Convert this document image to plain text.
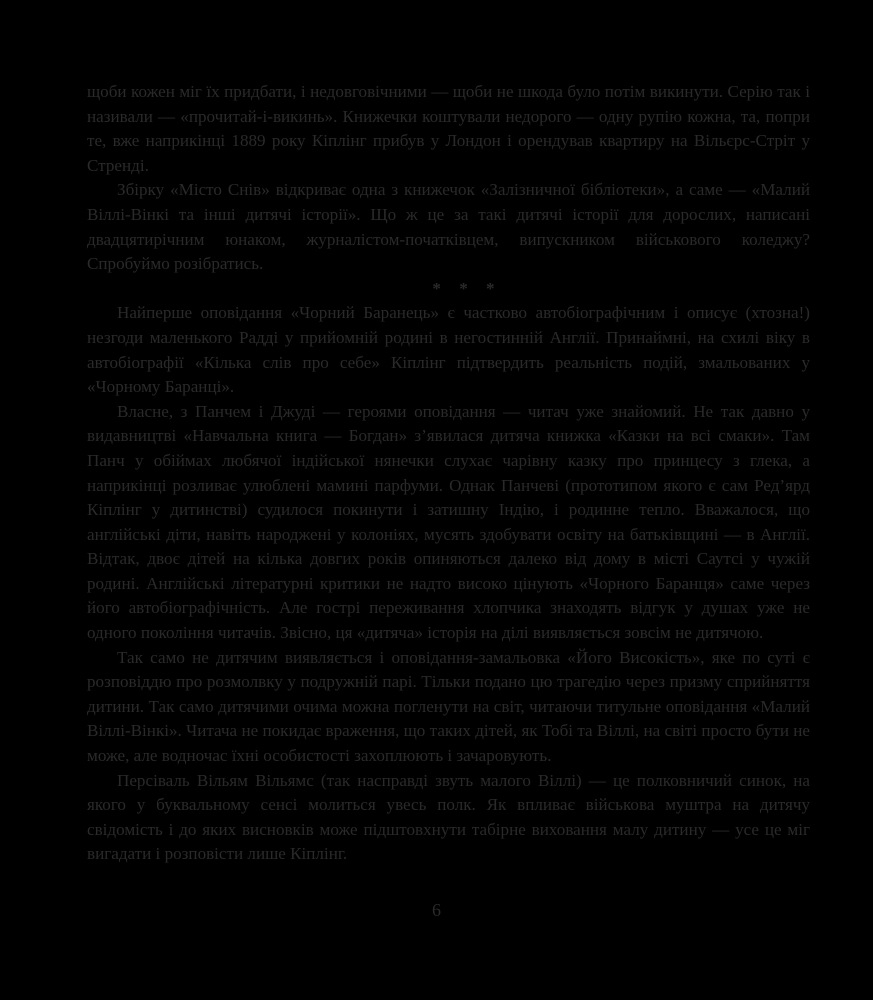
щоби кожен міг їх придбати, і недовговічними — щоби не шкода було потім викинути. Серію так і називали — «прочитай-і-викинь». Книжечки коштували недорого — одну рупію кожна, та, попри те, вже наприкінці 1889 року Кіплінг прибув у Лондон і орендував квартиру на Вільєрс-Стріт у Стренді.

Збірку «Місто Снів» відкриває одна з книжечок «Залізничної бібліотеки», а саме — «Малий Віллі-Вінкі та інші дитячі історії». Що ж це за такі дитячі історії для дорослих, написані двадцятирічним юнаком, журналістом-початківцем, випускником військового коледжу? Спробуймо розібратись.

* * *

Найперше оповідання «Чорний Баранець» є частково автобіографічним і описує (хтозна!) незгоди маленького Радді у прийомній родині в негостинній Англії. Принаймні, на схилі віку в автобіографії «Кілька слів про себе» Кіплінг підтвердить реальність подій, змальованих у «Чорному Баранці».

Власне, з Панчем і Джуді — героями оповідання — читач уже знайомий. Не так давно у видавництві «Навчальна книга — Богдан» з’явилася дитяча книжка «Казки на всі смаки». Там Панч у обіймах любячої індійської нянечки слухає чарівну казку про принцесу з глека, а наприкінці розливає улюблені мамині парфуми. Однак Панчеві (прототипом якого є сам Ред’ярд Кіплінг у дитинстві) судилося покинути і затишну Індію, і родинне тепло. Вважалося, що англійські діти, навіть народжені у колоніях, мусять здобувати освіту на батьківщині — в Англії. Відтак, двоє дітей на кілька довгих років опиняються далеко від дому в місті Саутсі у чужій родині. Англійські літературні критики не надто високо цінують «Чорного Баранця» саме через його автобіографічність. Але гострі переживання хлопчика знаходять відгук у душах уже не одного покоління читачів. Звісно, ця «дитяча» історія на ділі виявляється зовсім не дитячою.

Так само не дитячим виявляється і оповідання-замальовка «Його Високість», яке по суті є розповіддю про розмолвку у подружній парі. Тільки подано цю трагедію через призму сприйняття дитини. Так само дитячими очима можна погленути на світ, читаючи титульне оповідання «Малий Віллі-Вінкі». Читача не покидає враження, що таких дітей, як Тобі та Віллі, на світі просто бути не може, але водночас їхні особистості захоплюють і зачаровують.

Персіваль Вільям Вільямс (так насправді звуть малого Віллі) — це полковничий синок, на якого у буквальному сенсі молиться увесь полк. Як впливає військова муштра на дитячу свідомість і до яких висновків може підштовхнути табірне виховання малу дитину — усе це міг вигадати і розповісти лише Кіплінг.

6
